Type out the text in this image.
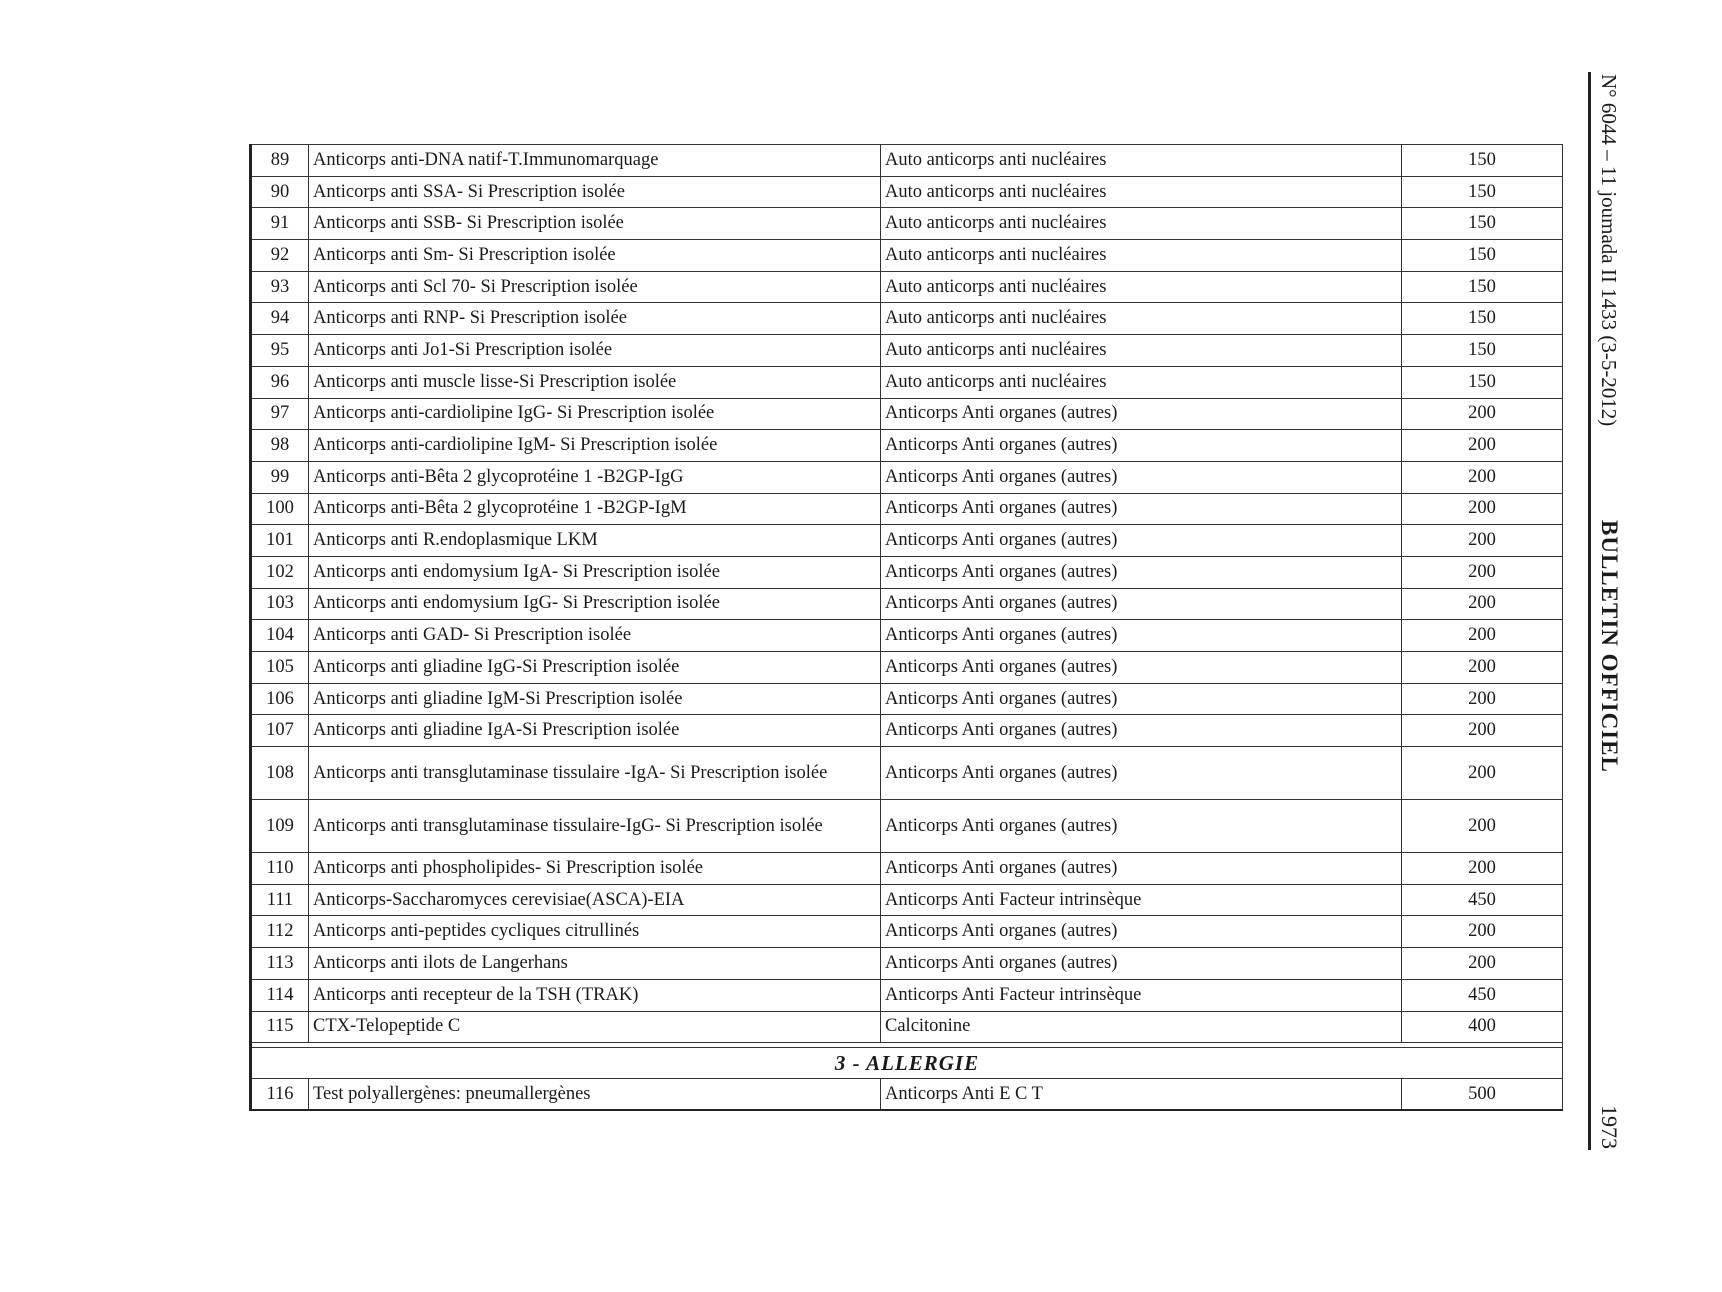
N° 6044 – 11 joumada II 1433 (3-5-2012)
BULLETIN OFFICIEL
1973
89	Anticorps anti-DNA natif-T.Immunomarquage	Auto anticorps anti nucléaires	150
90	Anticorps anti SSA- Si Prescription isolée	Auto anticorps anti nucléaires	150
91	Anticorps anti SSB- Si Prescription isolée	Auto anticorps anti nucléaires	150
92	Anticorps anti Sm- Si Prescription isolée	Auto anticorps anti nucléaires	150
93	Anticorps anti Scl 70- Si Prescription isolée	Auto anticorps anti nucléaires	150
94	Anticorps anti RNP- Si Prescription isolée	Auto anticorps anti nucléaires	150
95	Anticorps anti Jo1-Si Prescription isolée	Auto anticorps anti nucléaires	150
96	Anticorps anti muscle lisse-Si Prescription isolée	Auto anticorps anti nucléaires	150
97	Anticorps anti-cardiolipine IgG- Si Prescription isolée	Anticorps Anti organes (autres)	200
98	Anticorps anti-cardiolipine IgM- Si Prescription isolée	Anticorps Anti organes (autres)	200
99	Anticorps anti-Bêta 2 glycoprotéine 1 -B2GP-IgG	Anticorps Anti organes (autres)	200
100	Anticorps anti-Bêta 2 glycoprotéine 1 -B2GP-IgM	Anticorps Anti organes (autres)	200
101	Anticorps anti R.endoplasmique LKM	Anticorps Anti organes (autres)	200
102	Anticorps anti endomysium IgA- Si Prescription isolée	Anticorps Anti organes (autres)	200
103	Anticorps anti endomysium IgG- Si Prescription isolée	Anticorps Anti organes (autres)	200
104	Anticorps anti GAD- Si Prescription isolée	Anticorps Anti organes (autres)	200
105	Anticorps anti gliadine IgG-Si Prescription isolée	Anticorps Anti organes (autres)	200
106	Anticorps anti gliadine IgM-Si Prescription isolée	Anticorps Anti organes (autres)	200
107	Anticorps anti gliadine IgA-Si Prescription isolée	Anticorps Anti organes (autres)	200
108	Anticorps anti transglutaminase tissulaire -IgA- Si Prescription isolée	Anticorps Anti organes (autres)	200
109	Anticorps anti transglutaminase tissulaire-IgG- Si Prescription isolée	Anticorps Anti organes (autres)	200
110	Anticorps anti phospholipides- Si Prescription isolée	Anticorps Anti organes (autres)	200
111	Anticorps-Saccharomyces cerevisiae(ASCA)-EIA	Anticorps Anti Facteur intrinsèque	450
112	Anticorps anti-peptides cycliques citrullinés	Anticorps Anti organes (autres)	200
113	Anticorps anti ilots de Langerhans	Anticorps Anti organes (autres)	200
114	Anticorps anti recepteur de la TSH (TRAK)	Anticorps Anti Facteur intrinsèque	450
115	CTX-Telopeptide C	Calcitonine	400

3 - ALLERGIE			
116	Test polyallergènes: pneumallergènes	Anticorps Anti E C T	500
